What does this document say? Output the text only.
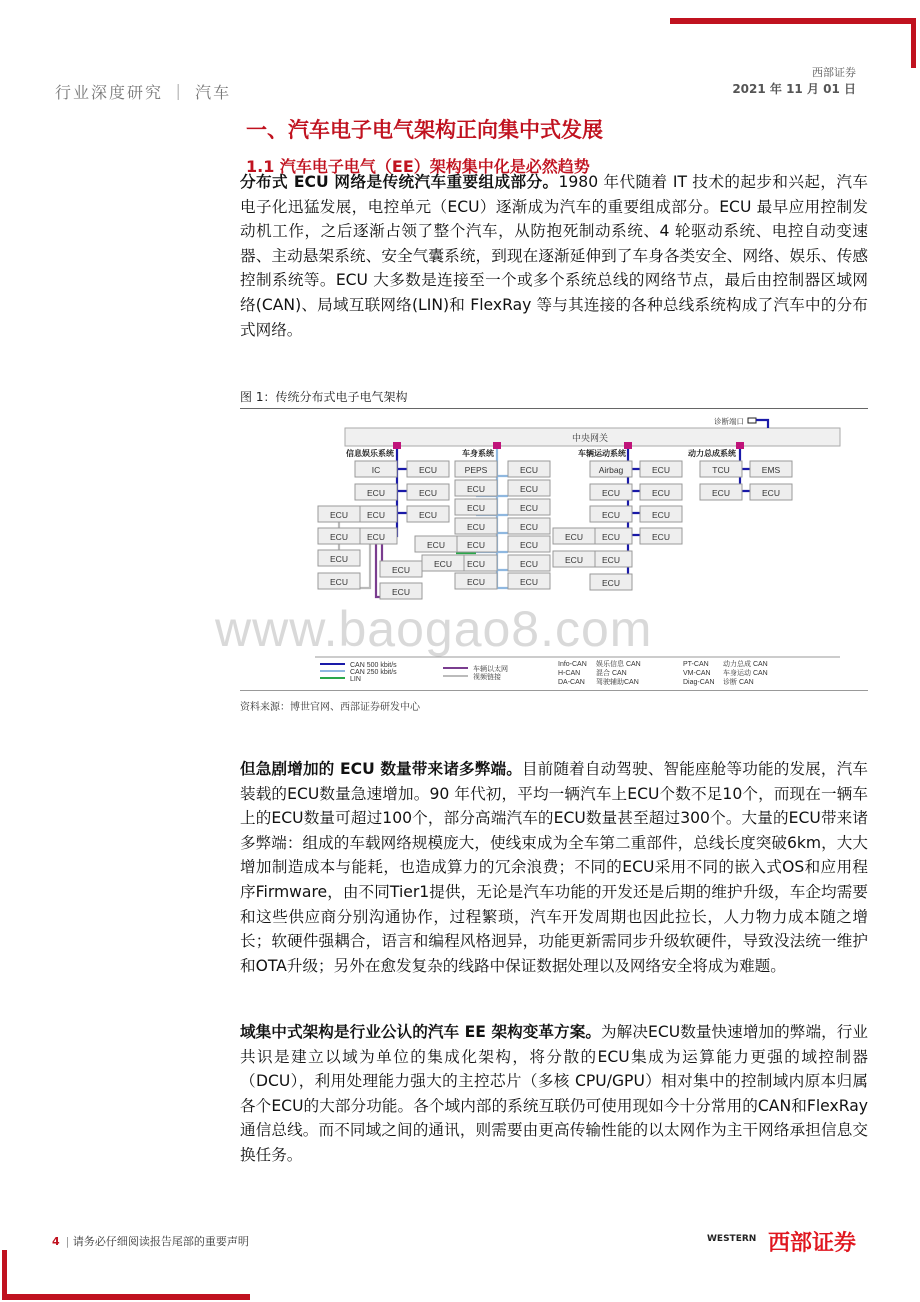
行业深度研究 ｜ 汽车
西部证券
2021 年 11 月 01 日
一、汽车电子电气架构正向集中式发展
1.1 汽车电子电气（EE）架构集中化是必然趋势

分布式 ECU 网络是传统汽车重要组成部分。1980 年代随着 IT 技术的起步和兴起，汽车电子化迅猛发展，电控单元（ECU）逐渐成为汽车的重要组成部分。ECU 最早应用控制发动机工作，之后逐渐占领了整个汽车，从防抱死制动系统、4 轮驱动系统、电控自动变速器、主动悬架系统、安全气囊系统，到现在逐渐延伸到了车身各类安全、网络、娱乐、传感控制系统等。ECU 大多数是连接至一个或多个系统总线的网络节点，最后由控制器区域网络(CAN)、局域互联网络(LIN)和 FlexRay 等与其连接的各种总线系统构成了汽车中的分布式网络。

图 1：传统分布式电子电气架构
www.baogao8.com
中央网关
诊断端口
信息娱乐系统	车身系统	车辆运动系统	动力总成系统
IC	ECU
ECU	ECU
ECU	ECU
ECU
ECU
ECU
ECU
ECU
ECU
ECU
PEPS	ECU
ECU	ECU
ECU	ECU
ECU	ECU
ECU	ECU
ECU	ECU
ECU	ECU
ECU
ECU
Airbag	ECU
ECU	ECU
ECU	ECU
ECU	ECU
ECU
ECU
ECU
ECU
TCU	EMS
ECU	ECU
CAN 500 kbit/s
CAN 250 kbit/s
LIN
车辆以太网
视频链接
Info-CAN 娱乐信息 CAN
H-CAN 混合 CAN
DA-CAN 驾驶辅助CAN
PT-CAN 动力总成 CAN
VM-CAN 车身运动 CAN
Diag-CAN 诊断 CAN
资料来源：博世官网、西部证券研发中心

但急剧增加的 ECU 数量带来诸多弊端。目前随着自动驾驶、智能座舱等功能的发展，汽车装载的ECU数量急速增加。90 年代初，平均一辆汽车上ECU个数不足10个，而现在一辆车上的ECU数量可超过100个，部分高端汽车的ECU数量甚至超过300个。大量的ECU带来诸多弊端：组成的车载网络规模庞大，使线束成为全车第二重部件，总线长度突破6km，大大增加制造成本与能耗，也造成算力的冗余浪费；不同的ECU采用不同的嵌入式OS和应用程序Firmware，由不同Tier1提供，无论是汽车功能的开发还是后期的维护升级，车企均需要和这些供应商分别沟通协作，过程繁琐，汽车开发周期也因此拉长，人力物力成本随之增长；软硬件强耦合，语言和编程风格迥异，功能更新需同步升级软硬件，导致没法统一维护和OTA升级；另外在愈发复杂的线路中保证数据处理以及网络安全将成为难题。

域集中式架构是行业公认的汽车 EE 架构变革方案。为解决ECU数量快速增加的弊端，行业共识是建立以域为单位的集成化架构，将分散的ECU集成为运算能力更强的域控制器（DCU），利用处理能力强大的主控芯片（多核 CPU/GPU）相对集中的控制域内原本归属各个ECU的大部分功能。各个域内部的系统互联仍可使用现如今十分常用的CAN和FlexRay通信总线。而不同域之间的通讯，则需要由更高传输性能的以太网作为主干网络承担信息交换任务。

4 | 请务必仔细阅读报告尾部的重要声明	WESTERN 西部证券
